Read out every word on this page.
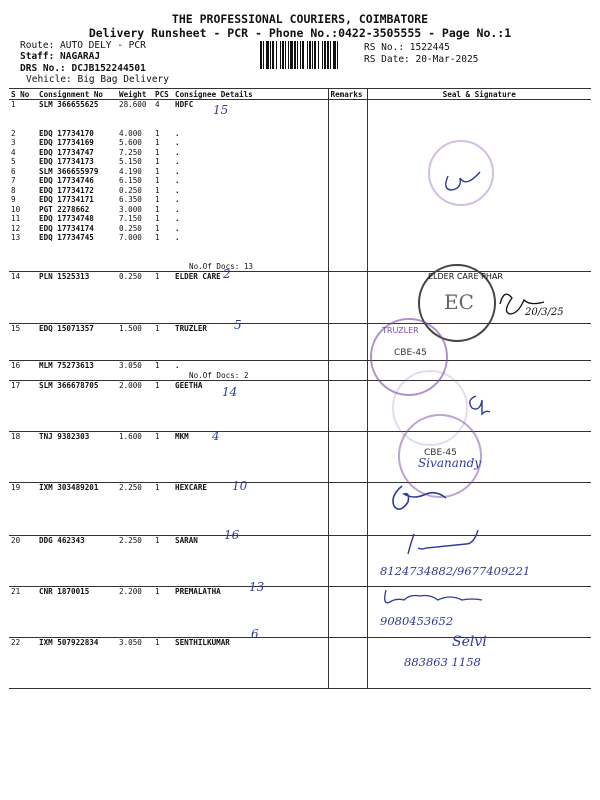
THE PROFESSIONAL COURIERS, COIMBATORE
Delivery Runsheet - PCR - Phone No.:0422-3505555 - Page No.:1
Route: AUTO DELY - PCR
Staff: NAGARAJ
DRS No.: DCJB152244501
Vehicle: Big Bag Delivery
RS No.: 1522445
RS Date: 20-Mar-2025
S No	Consignment No	Weight	PCS	Consignee Details	Remarks	Seal & Signature
1	SLM 366655625	28.600	4	HDFC		

2	EDQ 17734170	4.000	1	.		
3	EDQ 17734169	5.600	1	.		
4	EDQ 17734747	7.250	1	.		
5	EDQ 17734173	5.150	1	.		
6	SLM 366655979	4.190	1	.		
7	EDQ 17734746	6.150	1	.		
8	EDQ 17734172	0.250	1	.		
9	EDQ 17734171	6.350	1	.		
10	PGT 2278662	3.000	1	.		
11	EDQ 17734748	7.150	1	.		
12	EDQ 17734174	0.250	1	.		
13	EDQ 17734745	7.000	1	.		
				No.Of Docs: 13		
14	PLN 1525313	0.250	1	ELDER CARE		

15	EDQ 15071357	1.500	1	TRUZLER		

16	MLM 75273613	3.050	1	.		
				No.Of Docs: 2		
17	SLM 366678705	2.000	1	GEETHA		

18	TNJ 9382303	1.600	1	MKM		

19	IXM 303489201	2.250	1	HEXCARE		

20	DDG 462343	2.250	1	SARAN		

21	CNR 1870015	2.200	1	PREMALATHA		

22	IXM 507922834	3.050	1	SENTHILKUMAR		

ELDER CARE PHAR
EC
TRUZLER
CBE-45
CBE-45
15
2
5
14
4
10
16
13
6
20/3/25
Sivanandy
8124734882/9677409221
9080453652
Selvi
883863 1158
